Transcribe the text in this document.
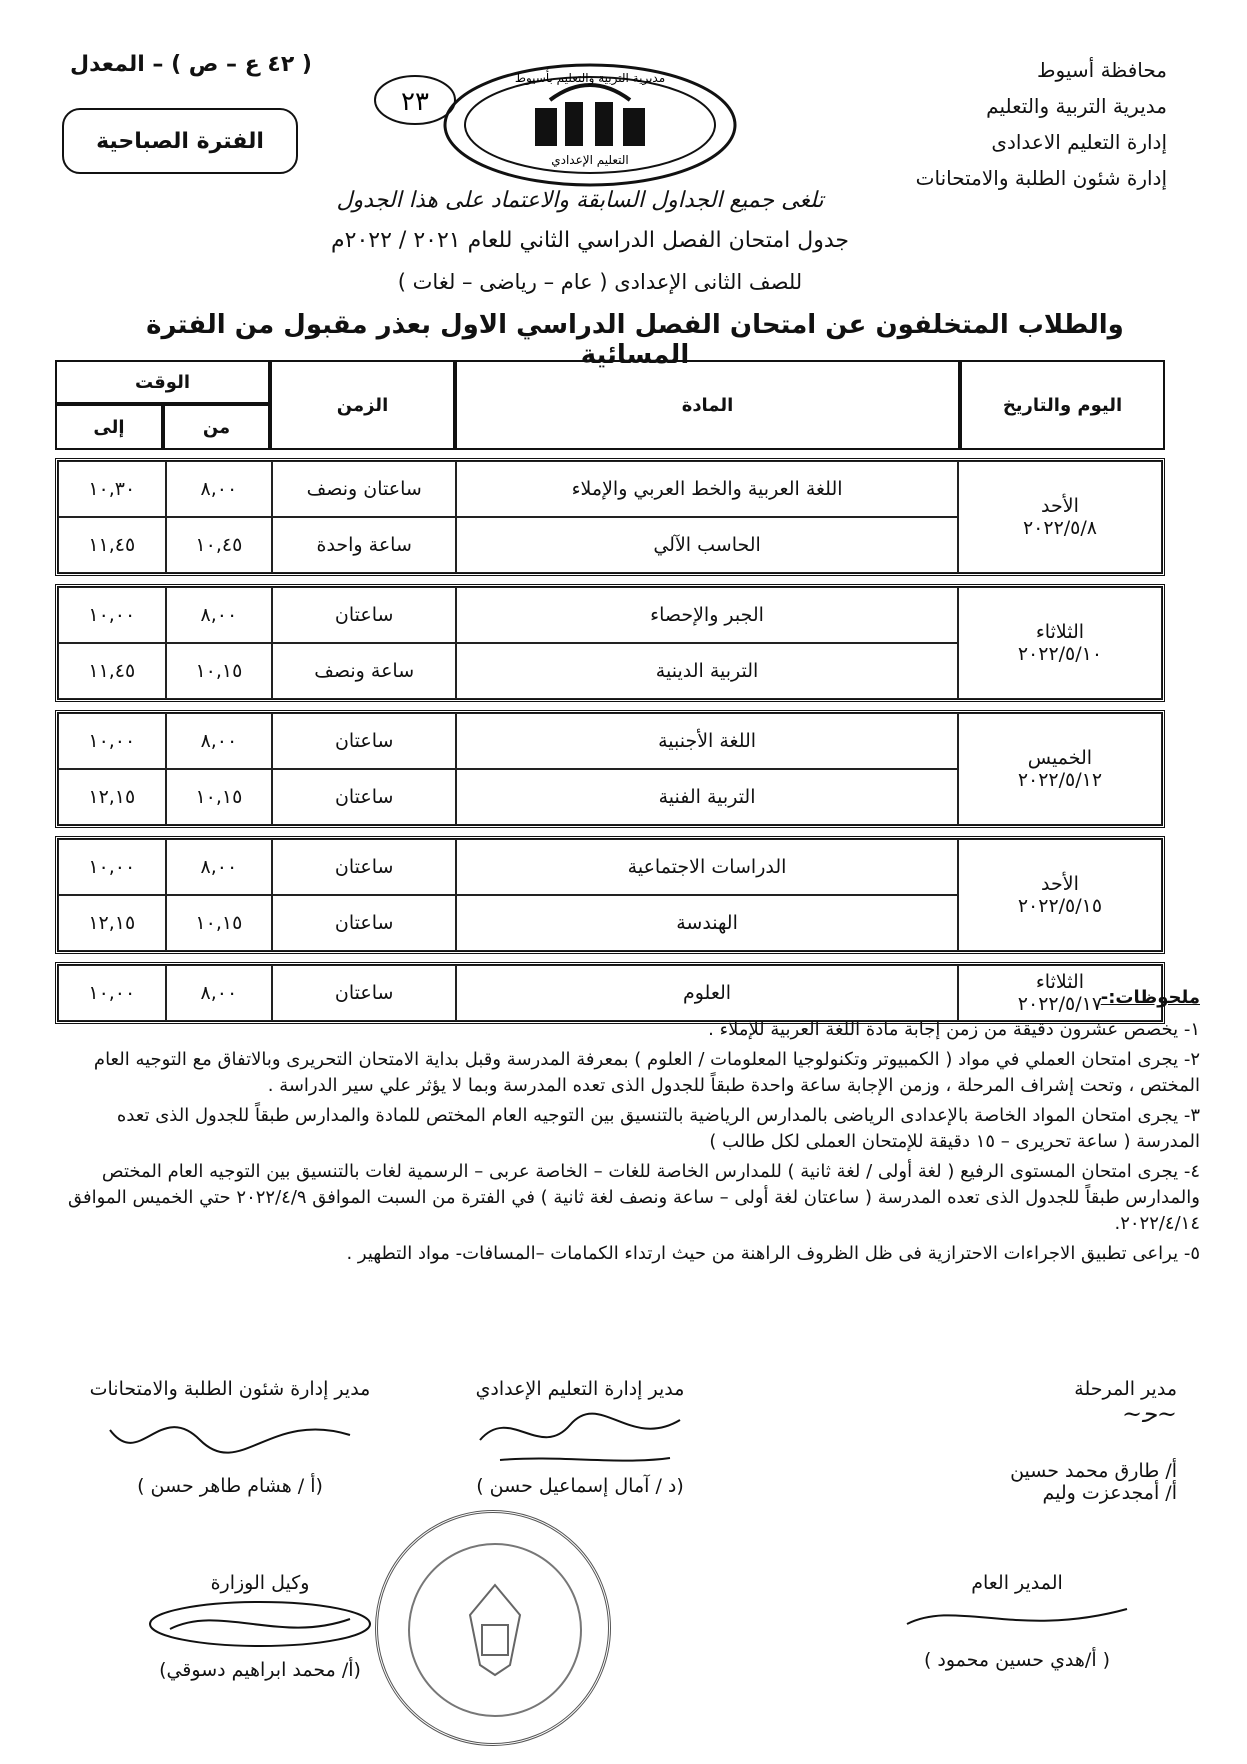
محافظة أسيوط
مديرية التربية والتعليم
إدارة التعليم الاعدادى
إدارة شئون الطلبة والامتحانات
( ٤٢ ع – ص ) – المعدل
الفترة الصباحية
٢٣
مديرية التربية والتعليم بأسيوط
التعليم الإعدادي
تلغى جميع الجداول السابقة والاعتماد على هذا الجدول
جدول امتحان الفصل الدراسي الثاني للعام ٢٠٢١ / ٢٠٢٢م
للصف الثانى الإعدادى ( عام – رياضى – لغات )
والطلاب المتخلفون عن امتحان الفصل الدراسي الاول بعذر مقبول من الفترة المسائية
اليوم والتاريخ	المادة	الزمن	الوقت	
			من	إلى
الأحد
٢٠٢٢/٥/٨	اللغة العربية والخط العربي والإملاء	ساعتان ونصف	٨,٠٠	١٠,٣٠
	الحاسب الآلي	ساعة واحدة	١٠,٤٥	١١,٤٥
الثلاثاء
٢٠٢٢/٥/١٠	الجبر والإحصاء	ساعتان	٨,٠٠	١٠,٠٠
	التربية الدينية	ساعة ونصف	١٠,١٥	١١,٤٥
الخميس
٢٠٢٢/٥/١٢	اللغة الأجنبية	ساعتان	٨,٠٠	١٠,٠٠
	التربية الفنية	ساعتان	١٠,١٥	١٢,١٥
الأحد
٢٠٢٢/٥/١٥	الدراسات الاجتماعية	ساعتان	٨,٠٠	١٠,٠٠
	الهندسة	ساعتان	١٠,١٥	١٢,١٥
الثلاثاء
٢٠٢٢/٥/١٧
	العلوم	ساعتان	٨,٠٠	١٠,٠٠	ملحوظات:-

١- يخصص عشرون دقيقة من زمن إجابة مادة اللغة العربية للإملاء .

٢- يجرى امتحان العملي في مواد ( الكمبيوتر وتكنولوجيا المعلومات / العلوم ) بمعرفة المدرسة وقبل بداية الامتحان التحريرى وبالاتفاق مع التوجيه العام المختص ، وتحت إشراف المرحلة ، وزمن الإجابة ساعة واحدة طبقاً للجدول الذى تعده المدرسة وبما لا يؤثر علي سير الدراسة .

٣- يجرى امتحان المواد الخاصة بالإعدادى الرياضى بالمدارس الرياضية بالتنسيق بين التوجيه العام المختص للمادة والمدارس طبقاً للجدول الذى تعده المدرسة ( ساعة تحريرى – ١٥ دقيقة للإمتحان العملى لكل طالب )

٤- يجرى امتحان المستوى الرفيع ( لغة أولى / لغة ثانية ) للمدارس الخاصة للغات – الخاصة عربى – الرسمية لغات بالتنسيق بين التوجيه العام المختص والمدارس طبقاً للجدول الذى تعده المدرسة ( ساعتان لغة أولى – ساعة ونصف لغة ثانية ) في الفترة من السبت الموافق ٢٠٢٢/٤/٩ حتي الخميس الموافق ٢٠٢٢/٤/١٤.

٥- يراعى تطبيق الاجراءات الاحترازية فى ظل الظروف الراهنة من حيث ارتداء الكمامات –المسافات- مواد التطهير .

مدير المرحلة
~ﺣ~
أ/ طارق محمد حسين
أ/ أمجدعزت وليم
مدير إدارة التعليم الإعدادي
(د / آمال إسماعيل حسن )
مدير إدارة شئون الطلبة والامتحانات
(أ / هشام طاهر حسن )
المدير العام
( أ/هدي حسين محمود )
وكيل الوزارة
(أ/ محمد ابراهيم دسوقي)
